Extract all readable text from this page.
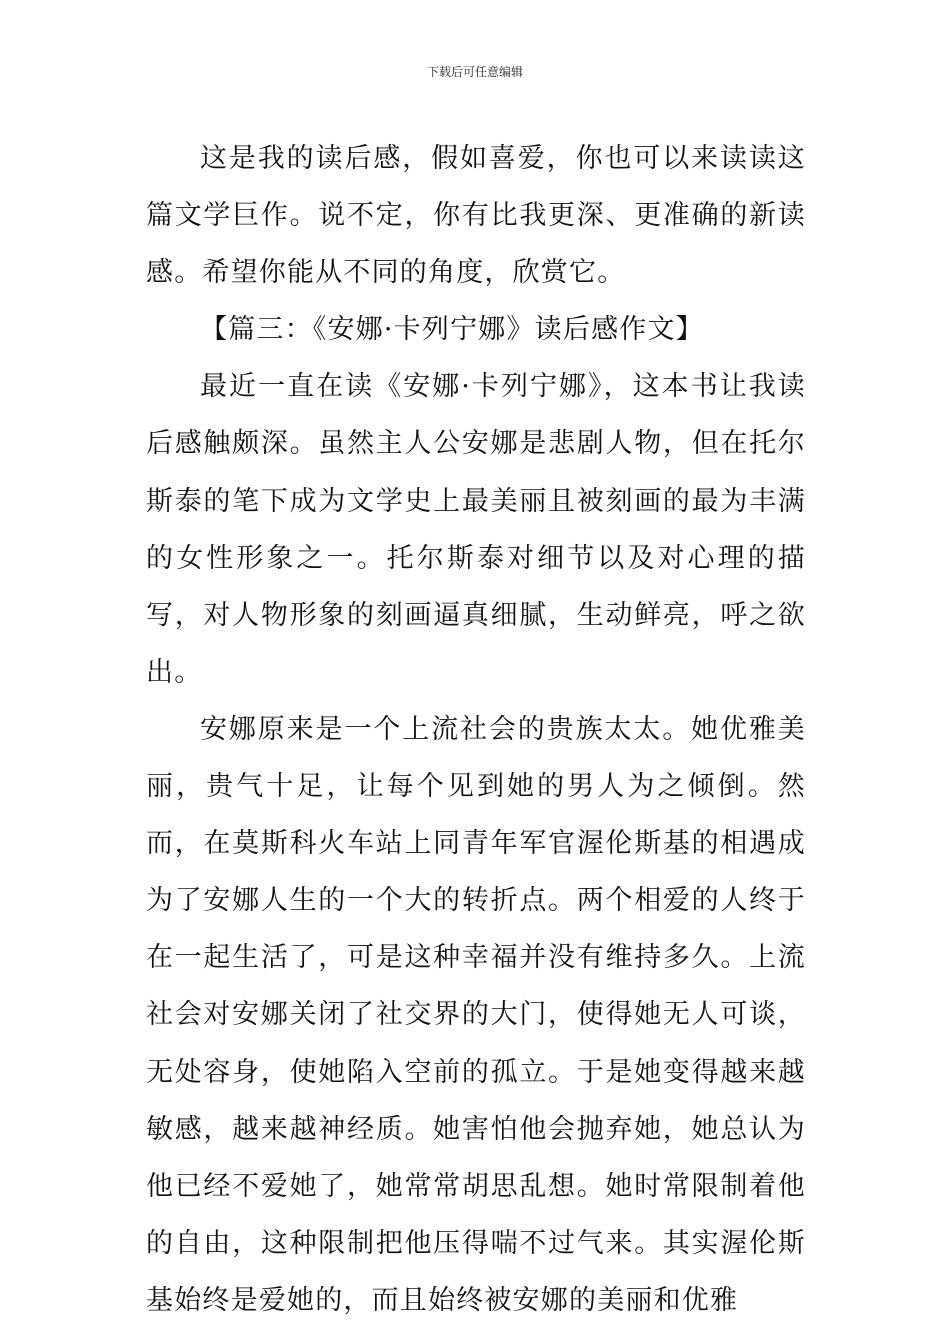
下载后可任意编辑

这是我的读后感，假如喜爱，你也可以来读读这篇文学巨作。说不定，你有比我更深、更准确的新读感。希望你能从不同的角度，欣赏它。

【篇三：《安娜·卡列宁娜》读后感作文】

最近一直在读《安娜·卡列宁娜》，这本书让我读后感触颇深。虽然主人公安娜是悲剧人物，但在托尔斯泰的笔下成为文学史上最美丽且被刻画的最为丰满的女性形象之一。托尔斯泰对细节以及对心理的描写，对人物形象的刻画逼真细腻，生动鲜亮，呼之欲出。

安娜原来是一个上流社会的贵族太太。她优雅美丽，贵气十足，让每个见到她的男人为之倾倒。然而，在莫斯科火车站上同青年军官渥伦斯基的相遇成为了安娜人生的一个大的转折点。两个相爱的人终于在一起生活了，可是这种幸福并没有维持多久。上流社会对安娜关闭了社交界的大门，使得她无人可谈，无处容身，使她陷入空前的孤立。于是她变得越来越敏感，越来越神经质。她害怕他会抛弃她，她总认为他已经不爱她了，她常常胡思乱想。她时常限制着他的自由，这种限制把他压得喘不过气来。其实渥伦斯基始终是爱她的，而且始终被安娜的美丽和优雅
